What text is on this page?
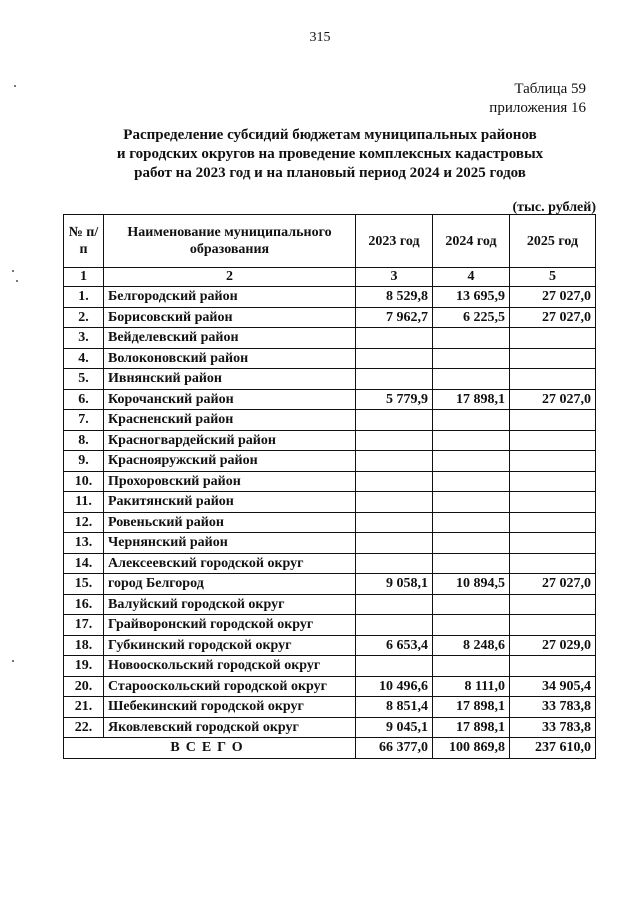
315
Таблица 59
приложения 16
Распределение субсидий бюджетам муниципальных районов
и городских округов на проведение комплексных кадастровых
работ на 2023 год и на плановый период 2024 и 2025 годов
(тыс. рублей)
№ п/п	Наименование муниципального образования	2023 год	2024 год	2025 год
1	2	3	4	5
1.	Белгородский район	8 529,8	13 695,9	27 027,0
2.	Борисовский район	7 962,7	6 225,5	27 027,0
3.	Вейделевский район			
4.	Волоконовский район			
5.	Ивнянский район			
6.	Корочанский район	5 779,9	17 898,1	27 027,0
7.	Красненский район			
8.	Красногвардейский район			
9.	Краснояружский район			
10.	Прохоровский район			
11.	Ракитянский район			
12.	Ровеньский район			
13.	Чернянский район			
14.	Алексеевский городской округ			
15.	город Белгород	9 058,1	10 894,5	27 027,0
16.	Валуйский городской округ			
17.	Грайворонский городской округ			
18.	Губкинский городской округ	6 653,4	8 248,6	27 029,0
19.	Новооскольский городской округ			
20.	Старооскольский городской округ	10 496,6	8 111,0	34 905,4
21.	Шебекинский городской округ	8 851,4	17 898,1	33 783,8
22.	Яковлевский городской округ	9 045,1	17 898,1	33 783,8
ВСЕГО		66 377,0	100 869,8	237 610,0
